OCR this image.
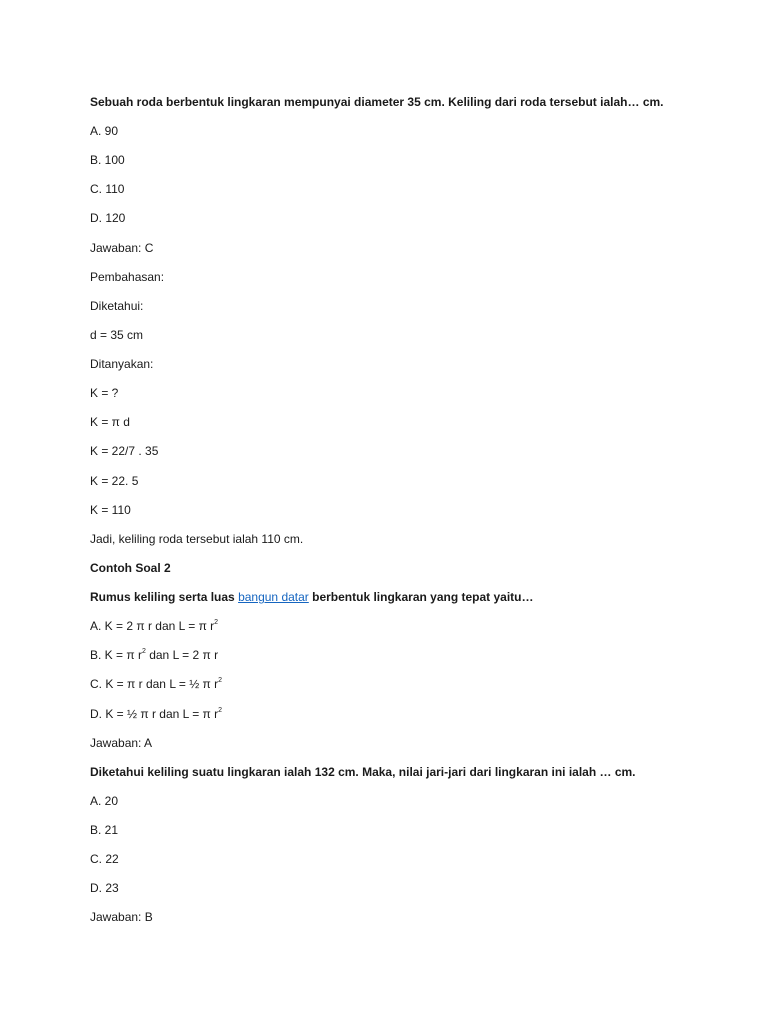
Sebuah roda berbentuk lingkaran mempunyai diameter 35 cm. Keliling dari roda tersebut ialah… cm.
A. 90
B. 100
C. 110
D. 120
Jawaban: C
Pembahasan:
Diketahui:
d = 35 cm
Ditanyakan:
K = ?
K = π d
K = 22/7 . 35
K = 22. 5
K = 110
Jadi, keliling roda tersebut ialah 110 cm.
Contoh Soal 2
Rumus keliling serta luas bangun datar berbentuk lingkaran yang tepat yaitu…
A. K = 2 π r dan L = π $r^2$
B. K = π $r^2$ dan L = 2 π r
C. K = π r dan L = ½ π $r^2$
D. K = ½ π r dan L = π $r^2$
Jawaban: A
Diketahui keliling suatu lingkaran ialah 132 cm. Maka, nilai jari-jari dari lingkaran ini ialah … cm.
A. 20
B. 21
C. 22
D. 23
Jawaban: B
